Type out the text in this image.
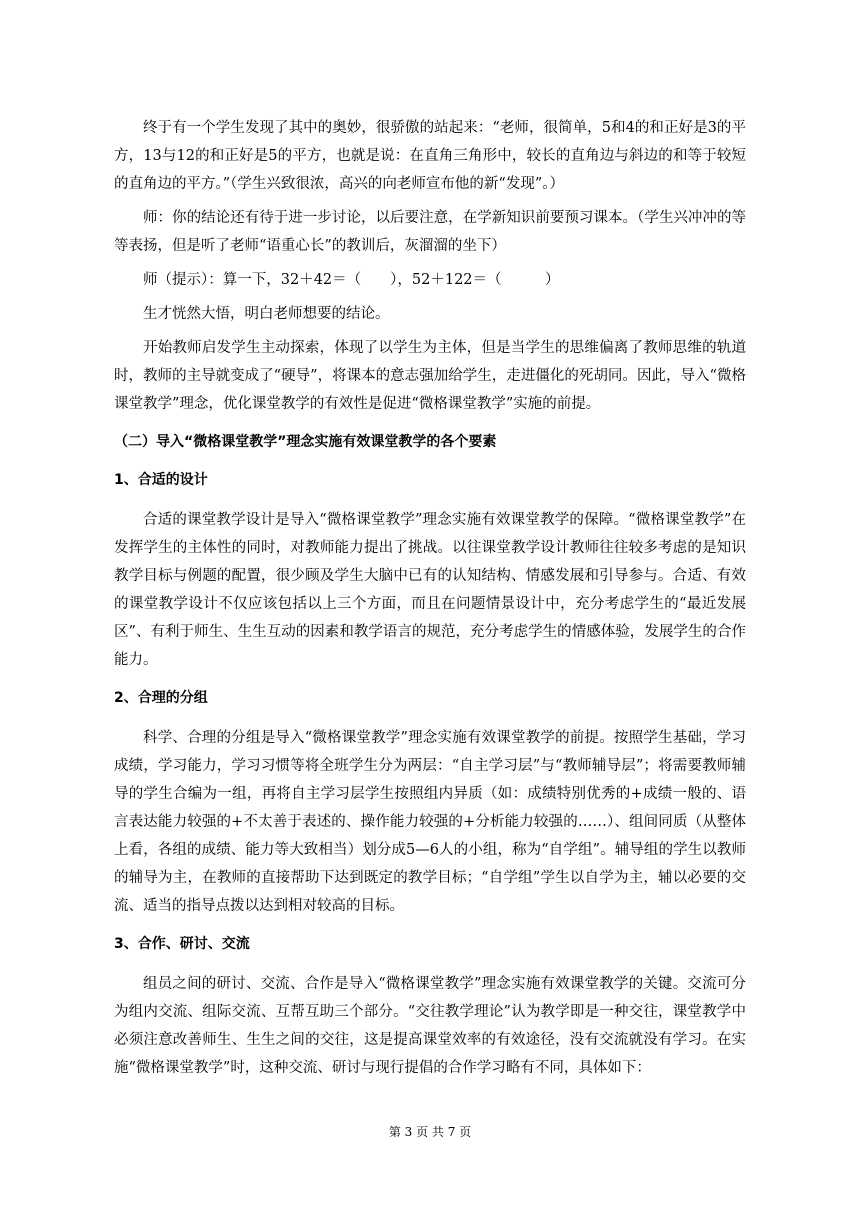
终于有一个学生发现了其中的奥妙，很骄傲的站起来：“老师，很简单，5和4的和正好是3的平方，13与12的和正好是5的平方，也就是说：在直角三角形中，较长的直角边与斜边的和等于较短的直角边的平方。”（学生兴致很浓，高兴的向老师宣布他的新“发现”。）

师：你的结论还有待于进一步讨论，以后要注意，在学新知识前要预习课本。（学生兴冲冲的等等表扬，但是听了老师“语重心长”的教训后，灰溜溜的坐下）

师（提示）：算一下，32＋42＝（　　），52＋122＝（　　　）

生才恍然大悟，明白老师想要的结论。

开始教师启发学生主动探索，体现了以学生为主体，但是当学生的思维偏离了教师思维的轨道时，教师的主导就变成了“硬导”，将课本的意志强加给学生，走进僵化的死胡同。因此，导入“微格课堂教学”理念，优化课堂教学的有效性是促进“微格课堂教学”实施的前提。

（二）导入“微格课堂教学”理念实施有效课堂教学的各个要素
1、合适的设计

合适的课堂教学设计是导入“微格课堂教学”理念实施有效课堂教学的保障。“微格课堂教学”在发挥学生的主体性的同时，对教师能力提出了挑战。以往课堂教学设计教师往往较多考虑的是知识教学目标与例题的配置，很少顾及学生大脑中已有的认知结构、情感发展和引导参与。合适、有效的课堂教学设计不仅应该包括以上三个方面，而且在问题情景设计中，充分考虑学生的“最近发展区”、有利于师生、生生互动的因素和教学语言的规范，充分考虑学生的情感体验，发展学生的合作能力。

2、合理的分组

科学、合理的分组是导入“微格课堂教学”理念实施有效课堂教学的前提。按照学生基础，学习成绩，学习能力，学习习惯等将全班学生分为两层：“自主学习层”与“教师辅导层”；将需要教师辅导的学生合编为一组，再将自主学习层学生按照组内异质（如：成绩特别优秀的+成绩一般的、语言表达能力较强的+不太善于表述的、操作能力较强的+分析能力较强的……）、组间同质（从整体上看，各组的成绩、能力等大致相当）划分成5—6人的小组，称为“自学组”。辅导组的学生以教师的辅导为主，在教师的直接帮助下达到既定的教学目标；“自学组”学生以自学为主，辅以必要的交流、适当的指导点拨以达到相对较高的目标。

3、合作、研讨、交流

组员之间的研讨、交流、合作是导入“微格课堂教学”理念实施有效课堂教学的关键。交流可分为组内交流、组际交流、互帮互助三个部分。“交往教学理论”认为教学即是一种交往，课堂教学中必须注意改善师生、生生之间的交往，这是提高课堂效率的有效途径，没有交流就没有学习。在实施“微格课堂教学”时，这种交流、研讨与现行提倡的合作学习略有不同，具体如下：

第 3 页 共 7 页
